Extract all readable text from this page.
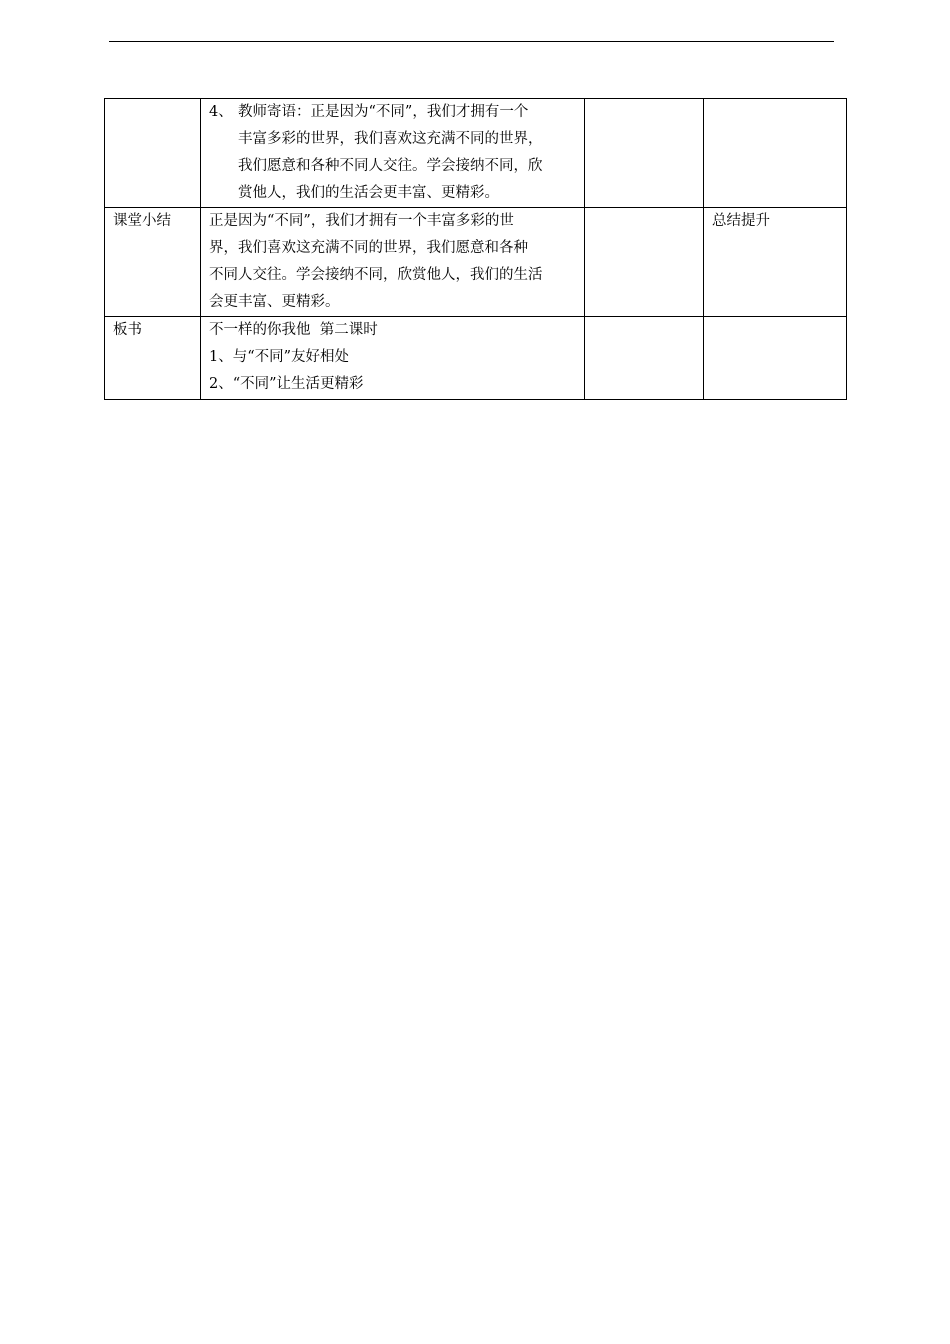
	4、 教师寄语：正是因为“不同”，我们才拥有一个
丰富多彩的世界，我们喜欢这充满不同的世界，
我们愿意和各种不同人交往。学会接纳不同，欣
赏他人，我们的生活会更丰富、更精彩。		

课堂小结	正是因为“不同”，我们才拥有一个丰富多彩的世
界，我们喜欢这充满不同的世界，我们愿意和各种
不同人交往。学会接纳不同，欣赏他人，我们的生活
会更丰富、更精彩。		总结提升
板书	不一样的你我他  第二课时
1、与“不同”友好相处
2、“不同”让生活更精彩		
